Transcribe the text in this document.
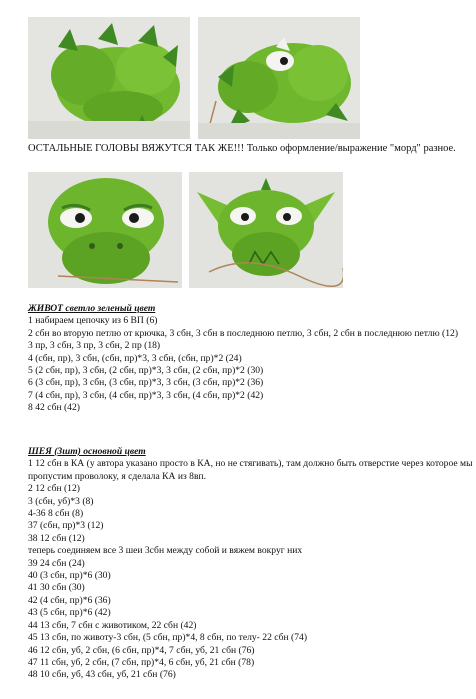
ОСТАЛЬНЫЕ ГОЛОВЫ ВЯЖУТСЯ ТАК ЖЕ!!! Только оформление/выражение "морд" разное.
ЖИВОТ светло зеленый цвет
1 набираем цепочку из 6 ВП (6)
2 сбн во вторую петлю от крючка, 3 сбн, 3 сбн в последнюю петлю, 3 сбн, 2 сбн в последнюю петлю (12)
3 пр, 3 сбн, 3 пр, 3 сбн, 2 пр (18)
4 (сбн, пр), 3 сбн, (сбн, пр)*3, 3 сбн, (сбн, пр)*2 (24)
5 (2 сбн, пр), 3 сбн, (2 сбн, пр)*3, 3 сбн, (2 сбн, пр)*2 (30)
6 (3 сбн, пр), 3 сбн, (3 сбн, пр)*3, 3 сбн, (3 сбн, пр)*2 (36)
7 (4 сбн, пр), 3 сбн, (4 сбн, пр)*3, 3 сбн, (4 сбн, пр)*2 (42)
8 42 сбн (42)
ШЕЯ (3шт) основной цвет
1 12 сбн в КА (у автора указано просто в КА, но не стягивать), там должно быть отверстие через которое мы пропустим проволоку, я сделала КА из 8вп.
2 12 сбн (12)
3 (сбн, уб)*3 (8)
4-36 8 сбн (8)
37 (сбн, пр)*3 (12)
38 12 сбн (12)
теперь соединяем все 3 шеи 3сбн между собой и вяжем вокруг них
39 24 сбн (24)
40 (3 сбн, пр)*6 (30)
41 30 сбн (30)
42 (4 сбн, пр)*6 (36)
43 (5 сбн, пр)*6 (42)
44 13 сбн, 7 сбн с животиком, 22 сбн (42)
45 13 сбн, по животу-3 сбн, (5 сбн, пр)*4, 8 сбн, по телу- 22 сбн (74)
46 12 сбн, уб, 2 сбн, (6 сбн, пр)*4, 7 сбн, уб, 21 сбн (76)
47 11 сбн, уб, 2 сбн, (7 сбн, пр)*4, 6 сбн, уб, 21 сбн (78)
48 10 сбн, уб, 43 сбн, уб, 21 сбн (76)
